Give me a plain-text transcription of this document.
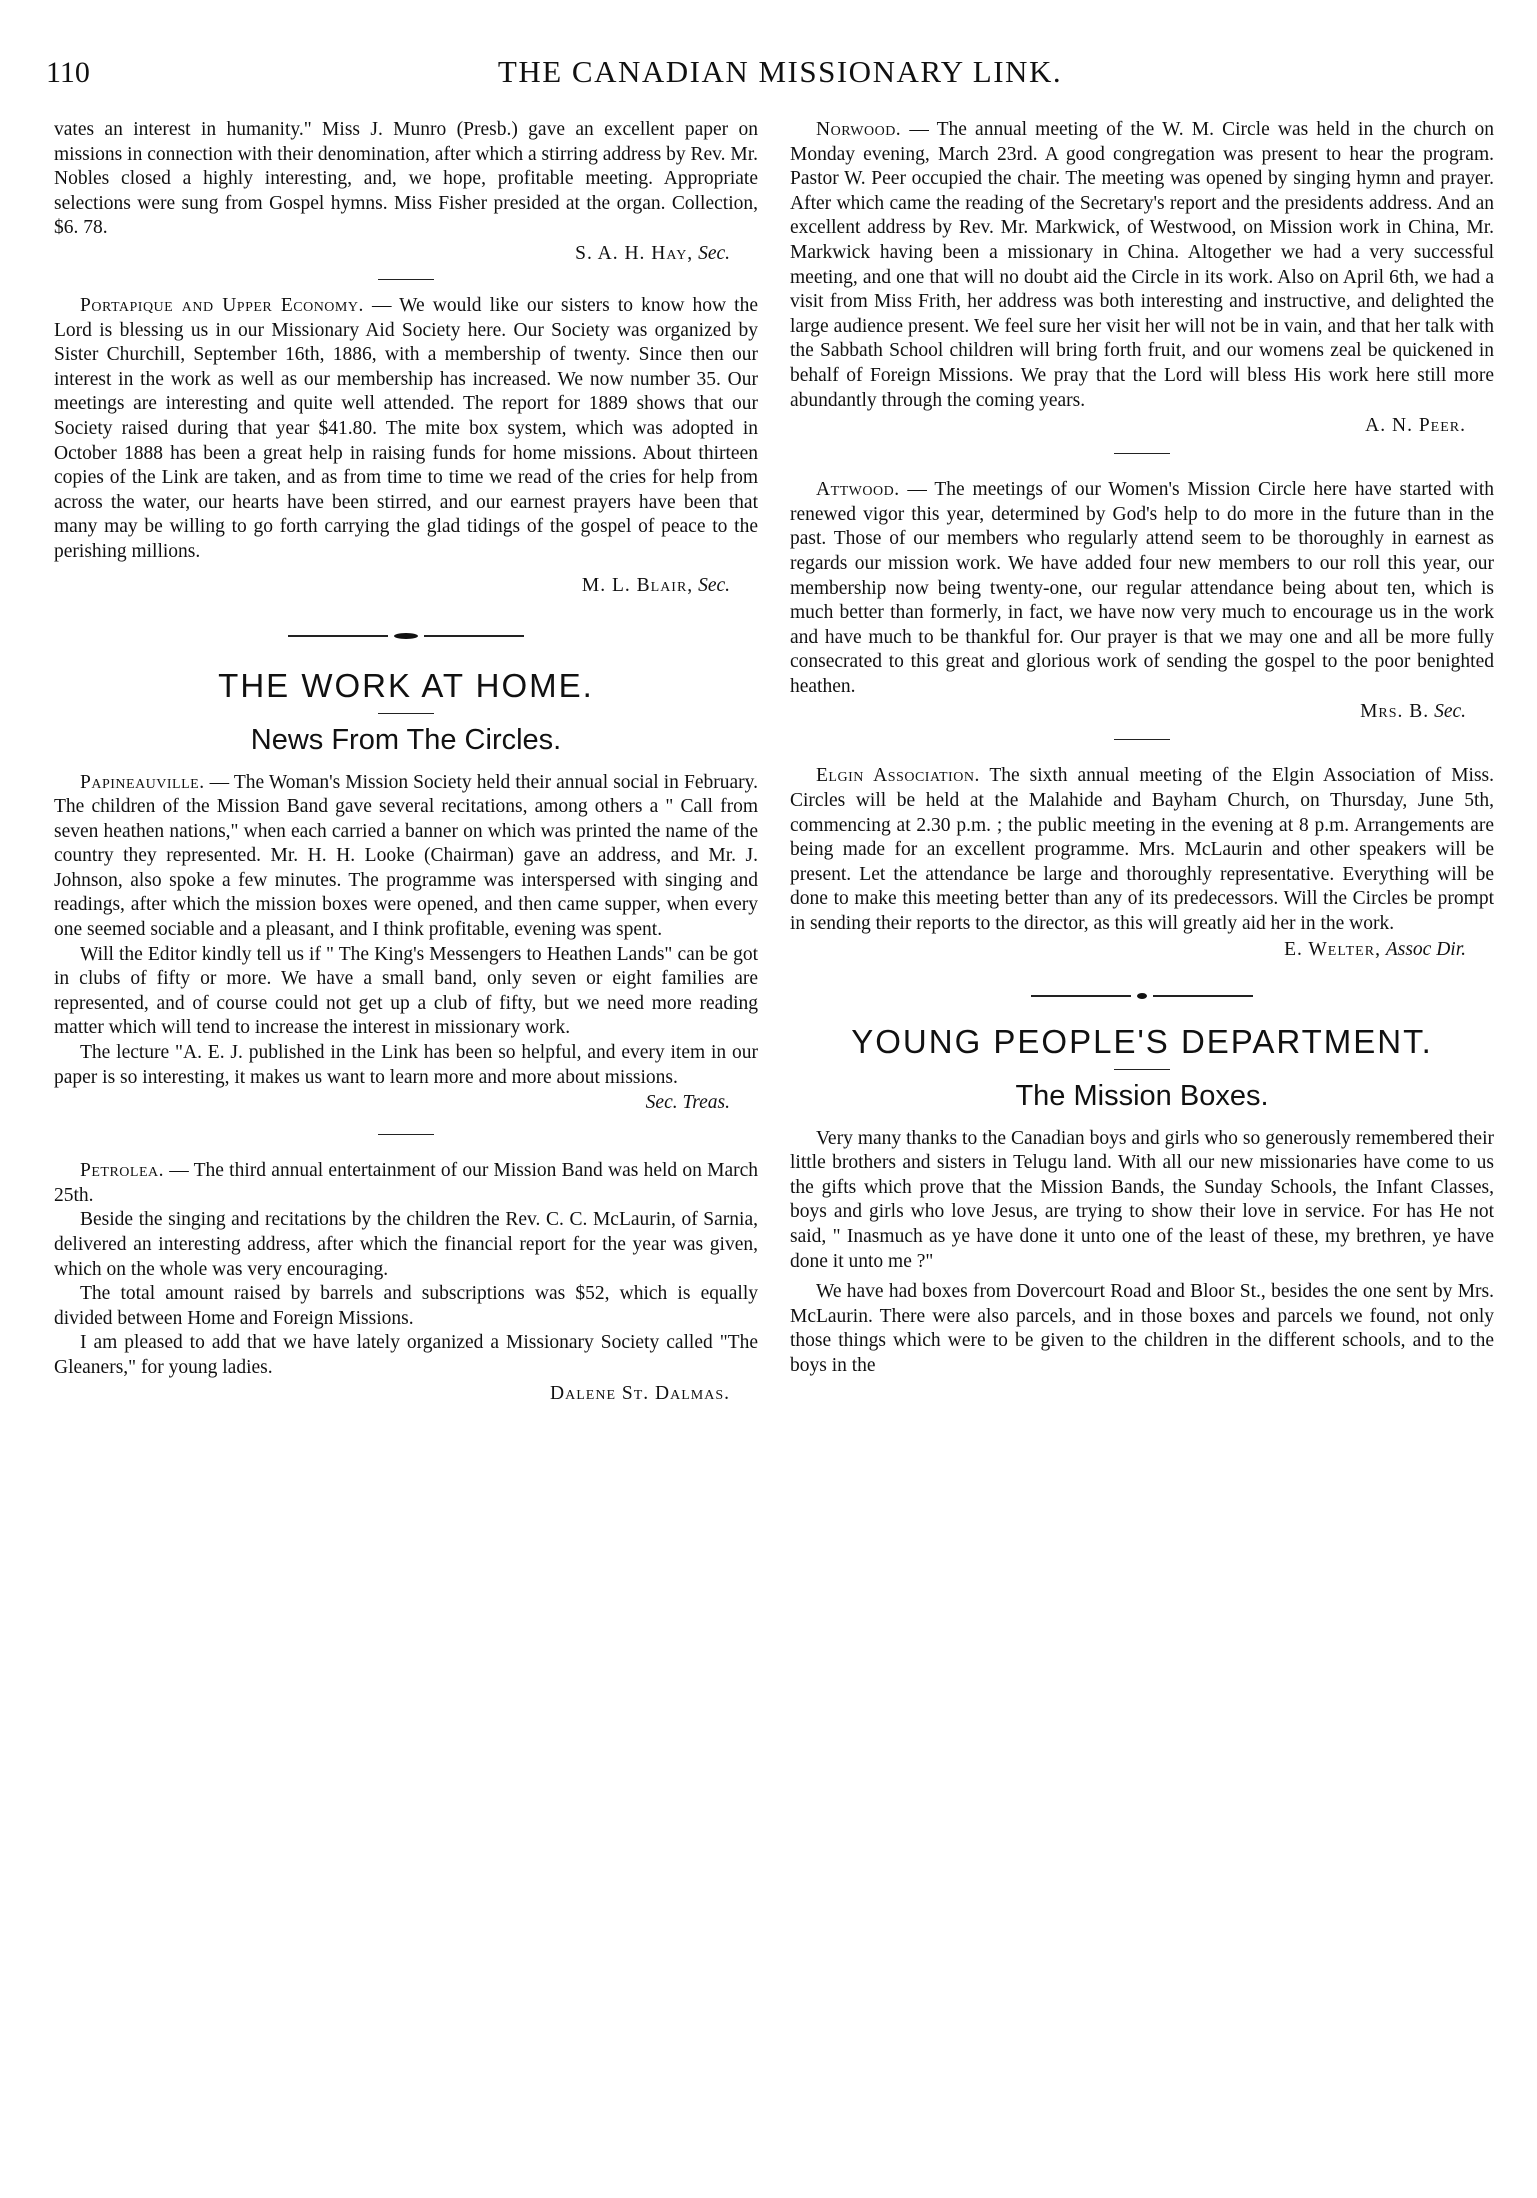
110	THE CANADIAN MISSIONARY LINK.

vates an interest in humanity." Miss J. Munro (Presb.) gave an excellent paper on missions in connection with their denomination, after which a stirring address by Rev. Mr. Nobles closed a highly interesting, and, we hope, profitable meeting. Appropriate selections were sung from Gospel hymns. Miss Fisher presided at the organ. Collection, $6. 78.

S. A. H. Hay, Sec.

Portapique and Upper Economy. — We would like our sisters to know how the Lord is blessing us in our Missionary Aid Society here. Our Society was organized by Sister Churchill, September 16th, 1886, with a membership of twenty. Since then our interest in the work as well as our membership has increased. We now number 35. Our meetings are interesting and quite well attended. The report for 1889 shows that our Society raised during that year $41.80. The mite box system, which was adopted in October 1888 has been a great help in raising funds for home missions. About thirteen copies of the Link are taken, and as from time to time we read of the cries for help from across the water, our hearts have been stirred, and our earnest prayers have been that many may be willing to go forth carrying the glad tidings of the gospel of peace to the perishing millions.

M. L. Blair, Sec.
THE WORK AT HOME.
News From The Circles.

Papineauville. — The Woman's Mission Society held their annual social in February. The children of the Mission Band gave several recitations, among others a " Call from seven heathen nations," when each carried a banner on which was printed the name of the country they represented. Mr. H. H. Looke (Chairman) gave an address, and Mr. J. Johnson, also spoke a few minutes. The programme was interspersed with singing and readings, after which the mission boxes were opened, and then came supper, when every one seemed sociable and a pleasant, and I think profitable, evening was spent.

Will the Editor kindly tell us if " The King's Messengers to Heathen Lands" can be got in clubs of fifty or more. We have a small band, only seven or eight families are represented, and of course could not get up a club of fifty, but we need more reading matter which will tend to increase the interest in missionary work.

The lecture "A. E. J. published in the Link has been so helpful, and every item in our paper is so interesting, it makes us want to learn more and more about missions.

Sec. Treas.

Petrolea. — The third annual entertainment of our Mission Band was held on March 25th.

Beside the singing and recitations by the children the Rev. C. C. McLaurin, of Sarnia, delivered an interesting address, after which the financial report for the year was given, which on the whole was very encouraging.

The total amount raised by barrels and subscriptions was $52, which is equally divided between Home and Foreign Missions.

I am pleased to add that we have lately organized a Missionary Society called "The Gleaners," for young ladies.

Dalene St. Dalmas.

Norwood. — The annual meeting of the W. M. Circle was held in the church on Monday evening, March 23rd. A good congregation was present to hear the program. Pastor W. Peer occupied the chair. The meeting was opened by singing hymn and prayer. After which came the reading of the Secretary's report and the presidents address. And an excellent address by Rev. Mr. Markwick, of Westwood, on Mission work in China, Mr. Markwick having been a missionary in China. Altogether we had a very successful meeting, and one that will no doubt aid the Circle in its work. Also on April 6th, we had a visit from Miss Frith, her address was both interesting and instructive, and delighted the large audience present. We feel sure her visit her will not be in vain, and that her talk with the Sabbath School children will bring forth fruit, and our womens zeal be quickened in behalf of Foreign Missions. We pray that the Lord will bless His work here still more abundantly through the coming years.

A. N. Peer.

Attwood. — The meetings of our Women's Mission Circle here have started with renewed vigor this year, determined by God's help to do more in the future than in the past. Those of our members who regularly attend seem to be thoroughly in earnest as regards our mission work. We have added four new members to our roll this year, our membership now being twenty-one, our regular attendance being about ten, which is much better than formerly, in fact, we have now very much to encourage us in the work and have much to be thankful for. Our prayer is that we may one and all be more fully consecrated to this great and glorious work of sending the gospel to the poor benighted heathen.

Mrs. B. Sec.

Elgin Association. The sixth annual meeting of the Elgin Association of Miss. Circles will be held at the Malahide and Bayham Church, on Thursday, June 5th, commencing at 2.30 p.m. ; the public meeting in the evening at 8 p.m. Arrangements are being made for an excellent programme. Mrs. McLaurin and other speakers will be present. Let the attendance be large and thoroughly representative. Everything will be done to make this meeting better than any of its predecessors. Will the Circles be prompt in sending their reports to the director, as this will greatly aid her in the work.

E. Welter, Assoc Dir.
YOUNG PEOPLE'S DEPARTMENT.
The Mission Boxes.

Very many thanks to the Canadian boys and girls who so generously remembered their little brothers and sisters in Telugu land. With all our new missionaries have come to us the gifts which prove that the Mission Bands, the Sunday Schools, the Infant Classes, boys and girls who love Jesus, are trying to show their love in service. For has He not said, " Inasmuch as ye have done it unto one of the least of these, my brethren, ye have done it unto me ?"

We have had boxes from Dovercourt Road and Bloor St., besides the one sent by Mrs. McLaurin. There were also parcels, and in those boxes and parcels we found, not only those things which were to be given to the children in the different schools, and to the boys in the
